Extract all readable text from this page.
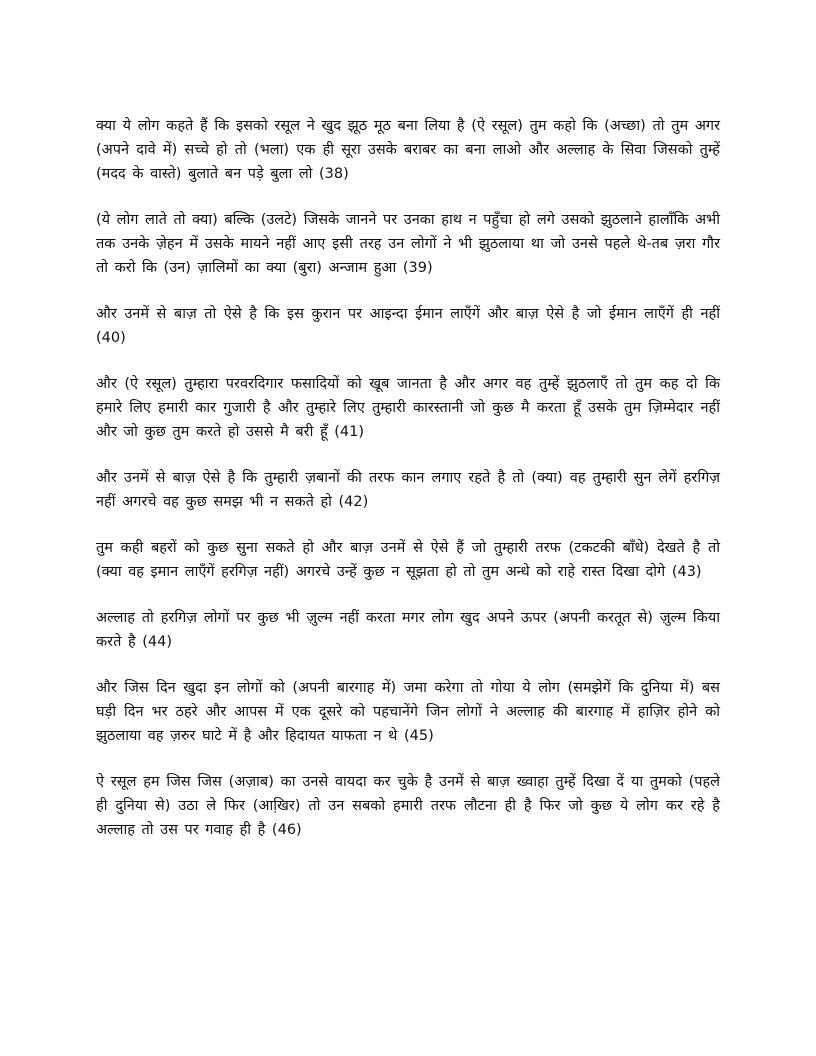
क्या ये लोग कहते हैं कि इसको रसूल ने खुद झूठ मूठ बना लिया है (ऐ रसूल) तुम कहो कि (अच्छा) तो तुम अगर (अपने दावे में) सच्चे हो तो (भला) एक ही सूरा उसके बराबर का बना लाओ और अल्लाह के सिवा जिसको तुम्हें (मदद के वास्ते) बुलाते बन पड़े बुला लो (38)

(ये लोग लाते तो क्या) बल्कि (उलटे) जिसके जानने पर उनका हाथ न पहुँचा हो लगे उसको झुठलाने हालाँकि अभी तक उनके ज़ेहन में उसके मायने नहीं आए इसी तरह उन लोगों ने भी झुठलाया था जो उनसे पहले थे-तब ज़रा गौर तो करो कि (उन) ज़ालिमों का क्या (बुरा) अन्जाम हुआ (39)

और उनमें से बाज़ तो ऐसे है कि इस कुरान पर आइन्दा ईमान लाएँगें और बाज़ ऐसे है जो ईमान लाएँगें ही नहीं (40)

और (ऐ रसूल) तुम्हारा परवरदिगार फसादियों को खूब जानता है और अगर वह तुम्हें झुठलाएँ तो तुम कह दो कि हमारे लिए हमारी कार गुजारी है और तुम्हारे लिए तुम्हारी कारस्तानी जो कुछ मै करता हूँ उसके तुम ज़िम्मेदार नहीं और जो कुछ तुम करते हो उससे मै बरी हूँ (41)

और उनमें से बाज़ ऐसे है कि तुम्हारी ज़बानों की तरफ कान लगाए रहते है तो (क्या) वह तुम्हारी सुन लेगें हरगिज़ नहीं अगरचे वह कुछ समझ भी न सकते हो (42)

तुम कही बहरों को कुछ सुना सकते हो और बाज़ उनमें से ऐसे हैं जो तुम्हारी तरफ (टकटकी बाँधे) देखते है तो (क्या वह इमान लाएँगें हरगिज़ नहीं) अगरचे उन्हें कुछ न सूझता हो तो तुम अन्धे को राहे रास्त दिखा दोगे (43)

अल्लाह तो हरगिज़ लोगों पर कुछ भी ज़ुल्म नहीं करता मगर लोग खुद अपने ऊपर (अपनी करतूत से) ज़ुल्म किया करते है (44)

और जिस दिन खुदा इन लोगों को (अपनी बारगाह में) जमा करेगा तो गोया ये लोग (समझेगें कि दुनिया में) बस घड़ी दिन भर ठहरे और आपस में एक दूसरे को पहचानेंगे जिन लोगों ने अल्लाह की बारगाह में हाज़िर होने को झुठलाया वह ज़रुर घाटे में है और हिदायत याफता न थे (45)

ऐ रसूल हम जिस जिस (अज़ाब) का उनसे वायदा कर चुके है उनमें से बाज़ ख्वाहा तुम्हें दिखा दें या तुमको (पहले ही दुनिया से) उठा ले फिर (आखि़र) तो उन सबको हमारी तरफ लौटना ही है फिर जो कुछ ये लोग कर रहे है अल्लाह तो उस पर गवाह ही है (46)
